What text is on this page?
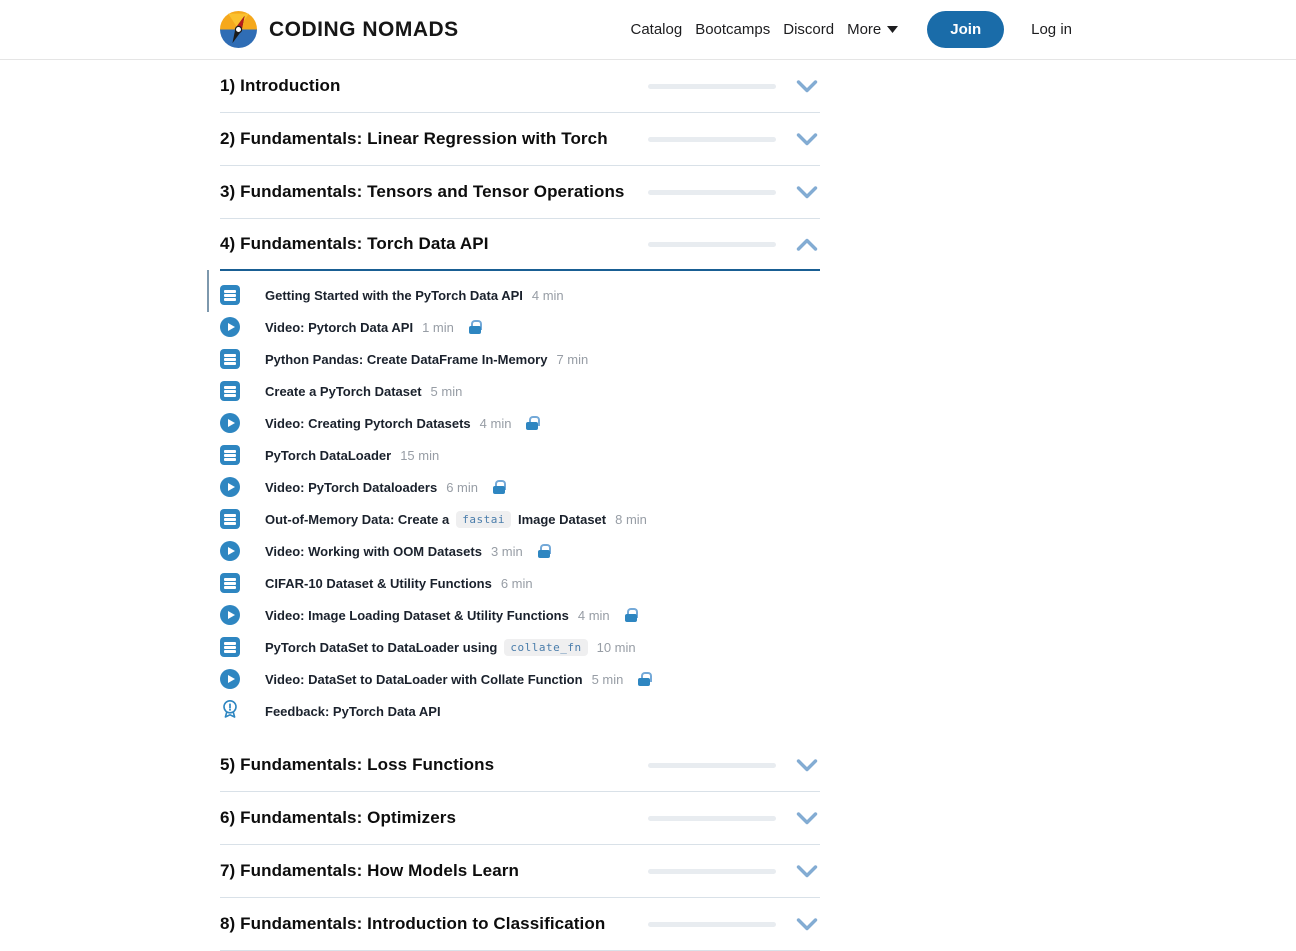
CODING NOMADS	Catalog Bootcamps Discord More	Join	Log in
1) Introduction
2) Fundamentals: Linear Regression with Torch
3) Fundamentals: Tensors and Tensor Operations
4) Fundamentals: Torch Data API
Getting Started with the PyTorch Data API 4 min
Video: Pytorch Data API 1 min
Python Pandas: Create DataFrame In-Memory 7 min
Create a PyTorch Dataset 5 min
Video: Creating Pytorch Datasets 4 min
PyTorch DataLoader 15 min
Video: PyTorch Dataloaders 6 min
Out-of-Memory Data: Create a	fastai	Image Dataset 8 min
Video: Working with OOM Datasets 3 min
CIFAR-10 Dataset & Utility Functions 6 min
Video: Image Loading Dataset & Utility Functions 4 min
PyTorch DataSet to DataLoader using	collate_fn	10 min
Video: DataSet to DataLoader with Collate Function 5 min
Feedback: PyTorch Data API
5) Fundamentals: Loss Functions
6) Fundamentals: Optimizers
7) Fundamentals: How Models Learn
8) Fundamentals: Introduction to Classification
